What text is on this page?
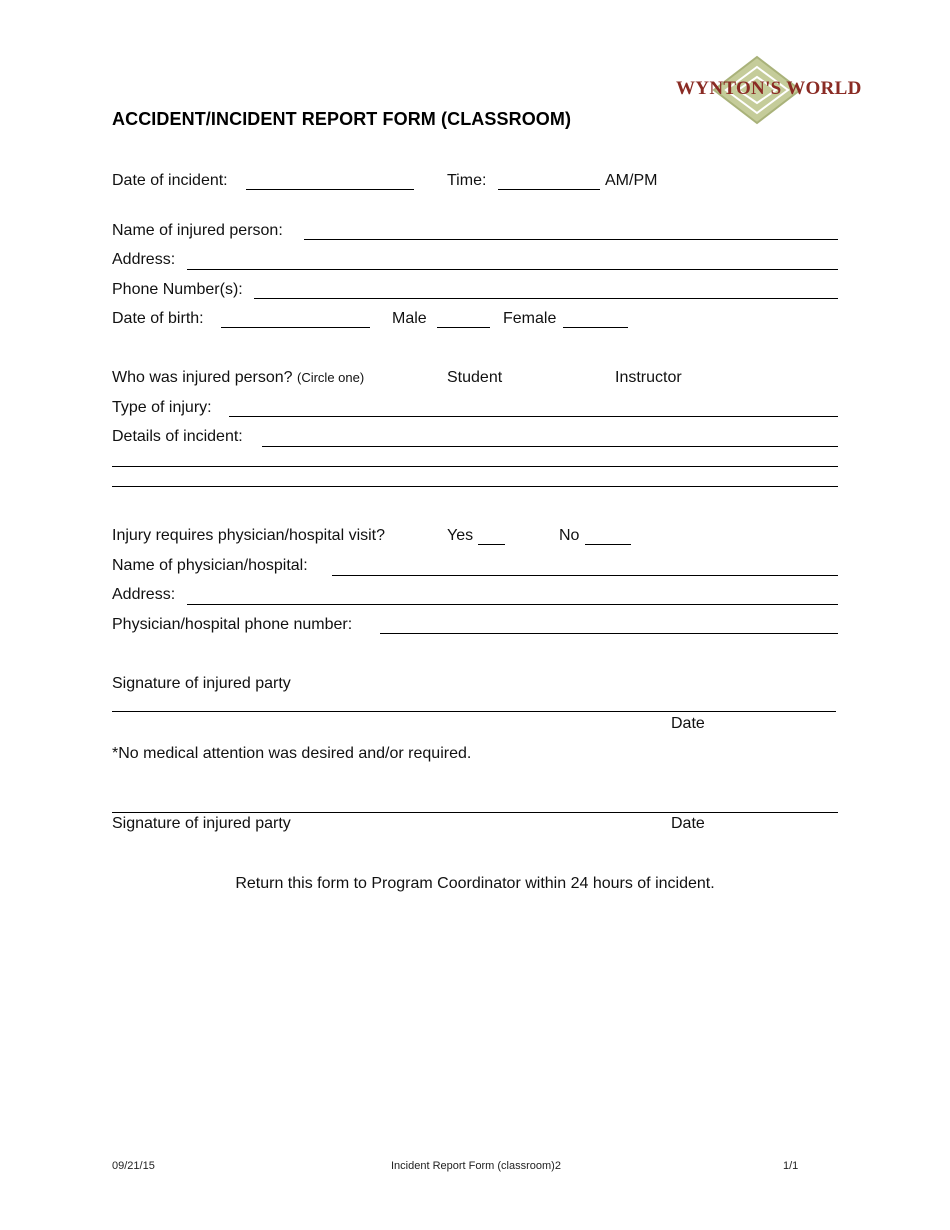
WYNTON'S WORLD
ACCIDENT/INCIDENT REPORT FORM (CLASSROOM)
Date of incident:	Time:	AM/PM
Name of injured person:
Address:
Phone Number(s):
Date of birth:	Male	Female
Who was injured person? (Circle one)	Student	Instructor
Type of injury:
Details of incident:
Injury requires physician/hospital visit?	Yes	No
Name of physician/hospital:
Address:
Physician/hospital phone number:
Signature of injured party
Date
*No medical attention was desired and/or required.
Signature of injured party	Date
Return this form to Program Coordinator within 24 hours of incident.
09/21/15	Incident Report Form (classroom)2	1/1
